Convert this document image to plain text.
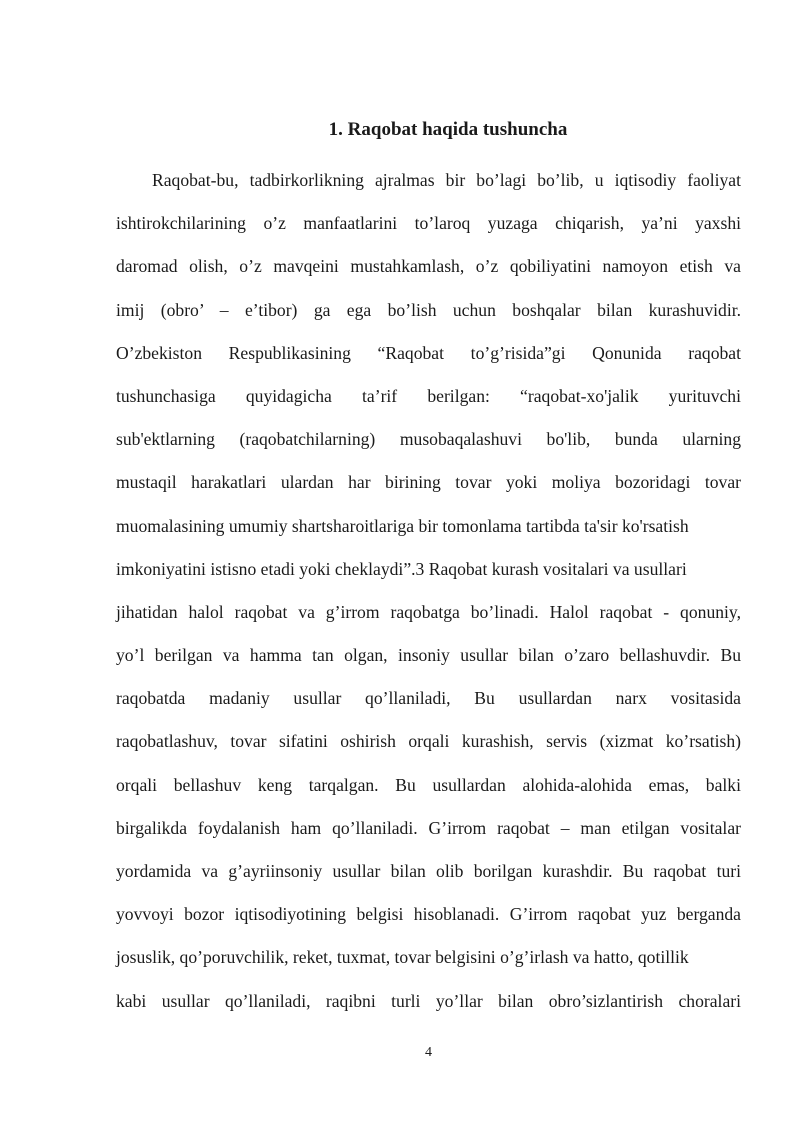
1. Raqobat haqida tushuncha
Raqobat-bu, tadbirkorlikning ajralmas bir bo’lagi bo’lib, u iqtisodiy faoliyat
ishtirokchilarining o’z manfaatlarini to’laroq yuzaga chiqarish, ya’ni yaxshi
daromad olish, o’z mavqeini mustahkamlash, o’z qobiliyatini namoyon etish va
imij (obro’ – e’tibor) ga ega bo’lish uchun boshqalar bilan kurashuvidir.
O’zbekiston Respublikasining “Raqobat to’g’risida”gi Qonunida raqobat
tushunchasiga quyidagicha ta’rif berilgan: “raqobat-xo'jalik yurituvchi
sub'ektlarning (raqobatchilarning) musobaqalashuvi bo'lib, bunda ularning
mustaqil harakatlari ulardan har birining tovar yoki moliya bozoridagi tovar
muomalasining umumiy shartsharoitlariga bir tomonlama tartibda ta'sir ko'rsatish
imkoniyatini istisno etadi yoki cheklaydi”.3 Raqobat kurash vositalari va usullari
jihatidan halol raqobat va g’irrom raqobatga bo’linadi. Halol raqobat - qonuniy,
yo’l berilgan va hamma tan olgan, insoniy usullar bilan o’zaro bellashuvdir. Bu
raqobatda madaniy usullar qo’llaniladi, Bu usullardan narx vositasida
raqobatlashuv, tovar sifatini oshirish orqali kurashish, servis (xizmat ko’rsatish)
orqali bellashuv keng tarqalgan. Bu usullardan alohida-alohida emas, balki
birgalikda foydalanish ham qo’llaniladi. G’irrom raqobat – man etilgan vositalar
yordamida va g’ayriinsoniy usullar bilan olib borilgan kurashdir. Bu raqobat turi
yovvoyi bozor iqtisodiyotining belgisi hisoblanadi. G’irrom raqobat yuz berganda
josuslik, qo’poruvchilik, reket, tuxmat, tovar belgisini o’g’irlash va hatto, qotillik
kabi usullar qo’llaniladi, raqibni turli yo’llar bilan obro’sizlantirish choralari
4
